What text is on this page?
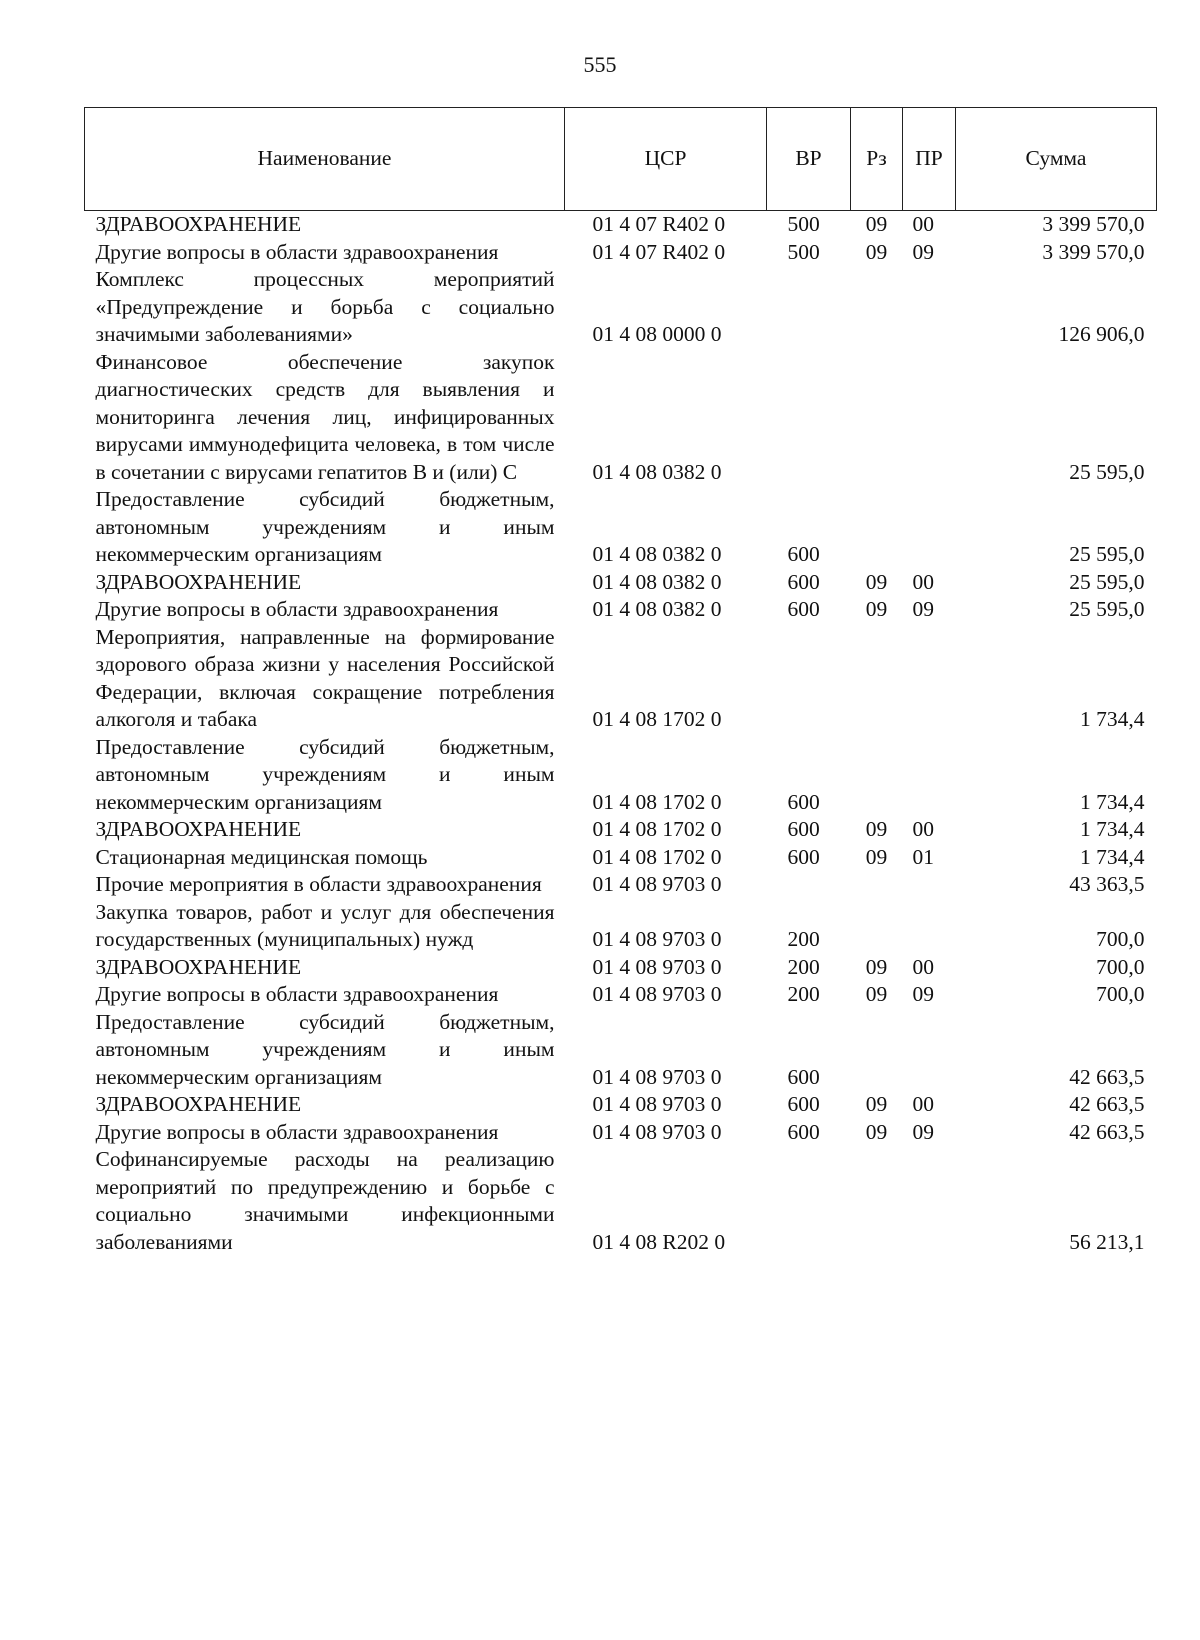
555
Наименование	ЦСР	ВР	Рз	ПР	Сумма
ЗДРАВООХРАНЕНИЕ	01 4 07 R402 0	500	09	00	3 399 570,0
Другие вопросы в области здравоохранения	01 4 07 R402 0	500	09	09	3 399 570,0
Комплекс процессных мероприятий «Предупреждение и борьба с социально значимыми заболеваниями»	01 4 08 0000 0				126 906,0
Финансовое обеспечение закупок диагностических средств для выявления и мониторинга лечения лиц, инфицированных вирусами иммунодефицита человека, в том числе в сочетании с вирусами гепатитов В и (или) С	01 4 08 0382 0				25 595,0
Предоставление субсидий бюджетным, автономным учреждениям и иным некоммерческим организациям	01 4 08 0382 0	600			25 595,0
ЗДРАВООХРАНЕНИЕ	01 4 08 0382 0	600	09	00	25 595,0
Другие вопросы в области здравоохранения	01 4 08 0382 0	600	09	09	25 595,0
Мероприятия, направленные на формирование здорового образа жизни у населения Российской Федерации, включая сокращение потребления алкоголя и табака	01 4 08 1702 0				1 734,4
Предоставление субсидий бюджетным, автономным учреждениям и иным некоммерческим организациям	01 4 08 1702 0	600			1 734,4
ЗДРАВООХРАНЕНИЕ	01 4 08 1702 0	600	09	00	1 734,4
Стационарная медицинская помощь	01 4 08 1702 0	600	09	01	1 734,4
Прочие мероприятия в области здравоохранения	01 4 08 9703 0				43 363,5
Закупка товаров, работ и услуг для обеспечения государственных (муниципальных) нужд	01 4 08 9703 0	200			700,0
ЗДРАВООХРАНЕНИЕ	01 4 08 9703 0	200	09	00	700,0
Другие вопросы в области здравоохранения	01 4 08 9703 0	200	09	09	700,0
Предоставление субсидий бюджетным, автономным учреждениям и иным некоммерческим организациям	01 4 08 9703 0	600			42 663,5
ЗДРАВООХРАНЕНИЕ	01 4 08 9703 0	600	09	00	42 663,5
Другие вопросы в области здравоохранения	01 4 08 9703 0	600	09	09	42 663,5
Софинансируемые расходы на реализацию мероприятий по предупреждению и борьбе с социально значимыми инфекционными заболеваниями	01 4 08 R202 0				56 213,1
